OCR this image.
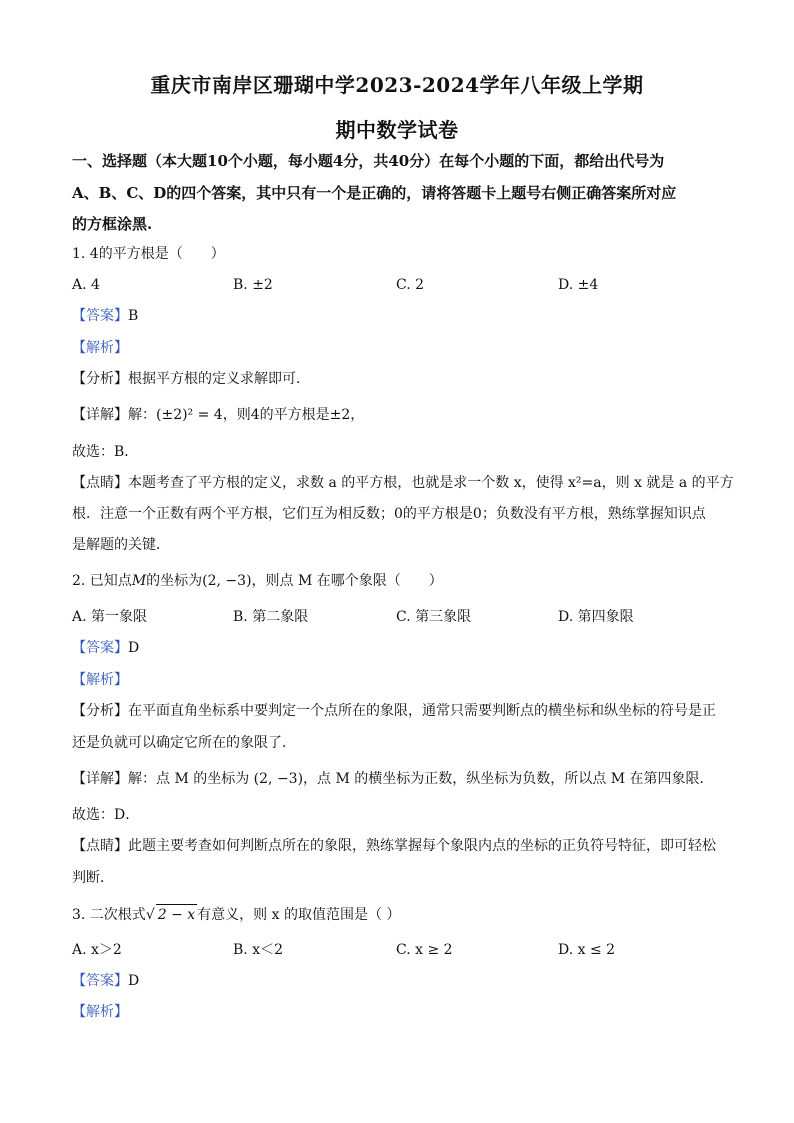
重庆市南岸区珊瑚中学2023-2024学年八年级上学期
期中数学试卷
一、选择题（本大题10个小题，每小题4分，共40分）在每个小题的下面，都给出代号为
A、B、C、D的四个答案，其中只有一个是正确的，请将答题卡上题号右侧正确答案所对应
的方框涂黑.
1. 4的平方根是（　　）
A. 4	B. ±2	C. 2	D. ±4
【答案】B
【解析】
【分析】根据平方根的定义求解即可．
【详解】解：(±2)² = 4，则4的平方根是±2，
故选：B．
【点睛】本题考查了平方根的定义，求数 a 的平方根，也就是求一个数 x，使得 x²=a，则 x 就是 a 的平方
根．注意一个正数有两个平方根，它们互为相反数；0的平方根是0；负数没有平方根，熟练掌握知识点
是解题的关键．
2. 已知点M的坐标为(2, −3)，则点 M 在哪个象限（　　）
A. 第一象限	B. 第二象限	C. 第三象限	D. 第四象限
【答案】D
【解析】
【分析】在平面直角坐标系中要判定一个点所在的象限，通常只需要判断点的横坐标和纵坐标的符号是正
还是负就可以确定它所在的象限了．
【详解】解：点 M 的坐标为 (2, −3)，点 M 的横坐标为正数，纵坐标为负数，所以点 M 在第四象限．
故选：D．
【点睛】此题主要考查如何判断点所在的象限，熟练掌握每个象限内点的坐标的正负符号特征，即可轻松
判断．
3. 二次根式√ 2 − x 有意义，则 x 的取值范围是（ ）
A. x＞2	B. x＜2	C. x ≥ 2	D. x ≤ 2
【答案】D
【解析】
